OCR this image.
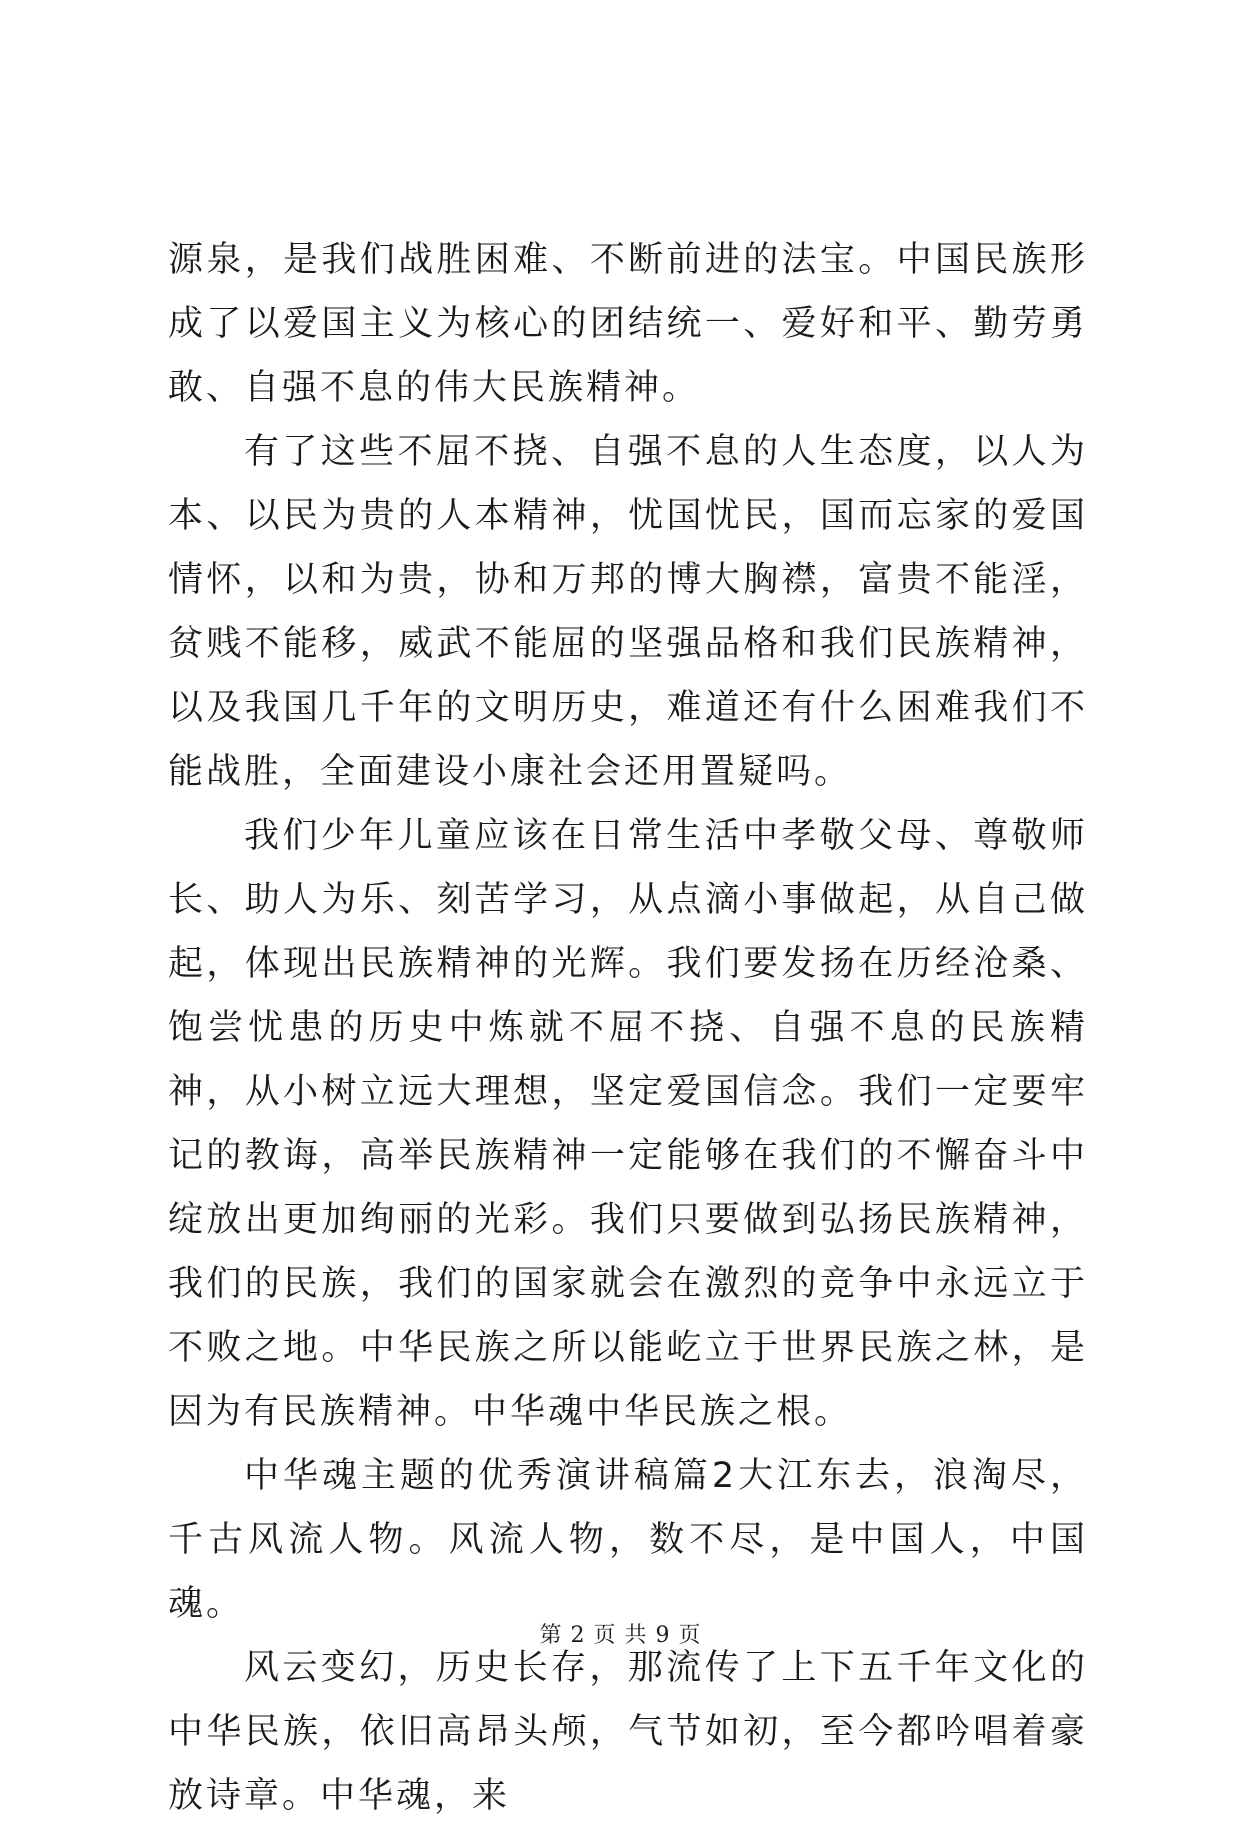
源泉，是我们战胜困难、不断前进的法宝。中国民族形成了以爱国主义为核心的团结统一、爱好和平、勤劳勇敢、自强不息的伟大民族精神。

有了这些不屈不挠、自强不息的人生态度，以人为本、以民为贵的人本精神，忧国忧民，国而忘家的爱国情怀，以和为贵，协和万邦的博大胸襟，富贵不能淫，贫贱不能移，威武不能屈的坚强品格和我们民族精神，以及我国几千年的文明历史，难道还有什么困难我们不能战胜，全面建设小康社会还用置疑吗。

我们少年儿童应该在日常生活中孝敬父母、尊敬师长、助人为乐、刻苦学习，从点滴小事做起，从自己做起，体现出民族精神的光辉。我们要发扬在历经沧桑、饱尝忧患的历史中炼就不屈不挠、自强不息的民族精神，从小树立远大理想，坚定爱国信念。我们一定要牢记的教诲，高举民族精神一定能够在我们的不懈奋斗中绽放出更加绚丽的光彩。我们只要做到弘扬民族精神，我们的民族，我们的国家就会在激烈的竞争中永远立于不败之地。中华民族之所以能屹立于世界民族之林，是因为有民族精神。中华魂中华民族之根。

中华魂主题的优秀演讲稿篇2大江东去，浪淘尽，千古风流人物。风流人物，数不尽，是中国人，中国魂。

风云变幻，历史长存，那流传了上下五千年文化的中华民族，依旧高昂头颅，气节如初，至今都吟唱着豪放诗章。中华魂，来

第 2 页 共 9 页
